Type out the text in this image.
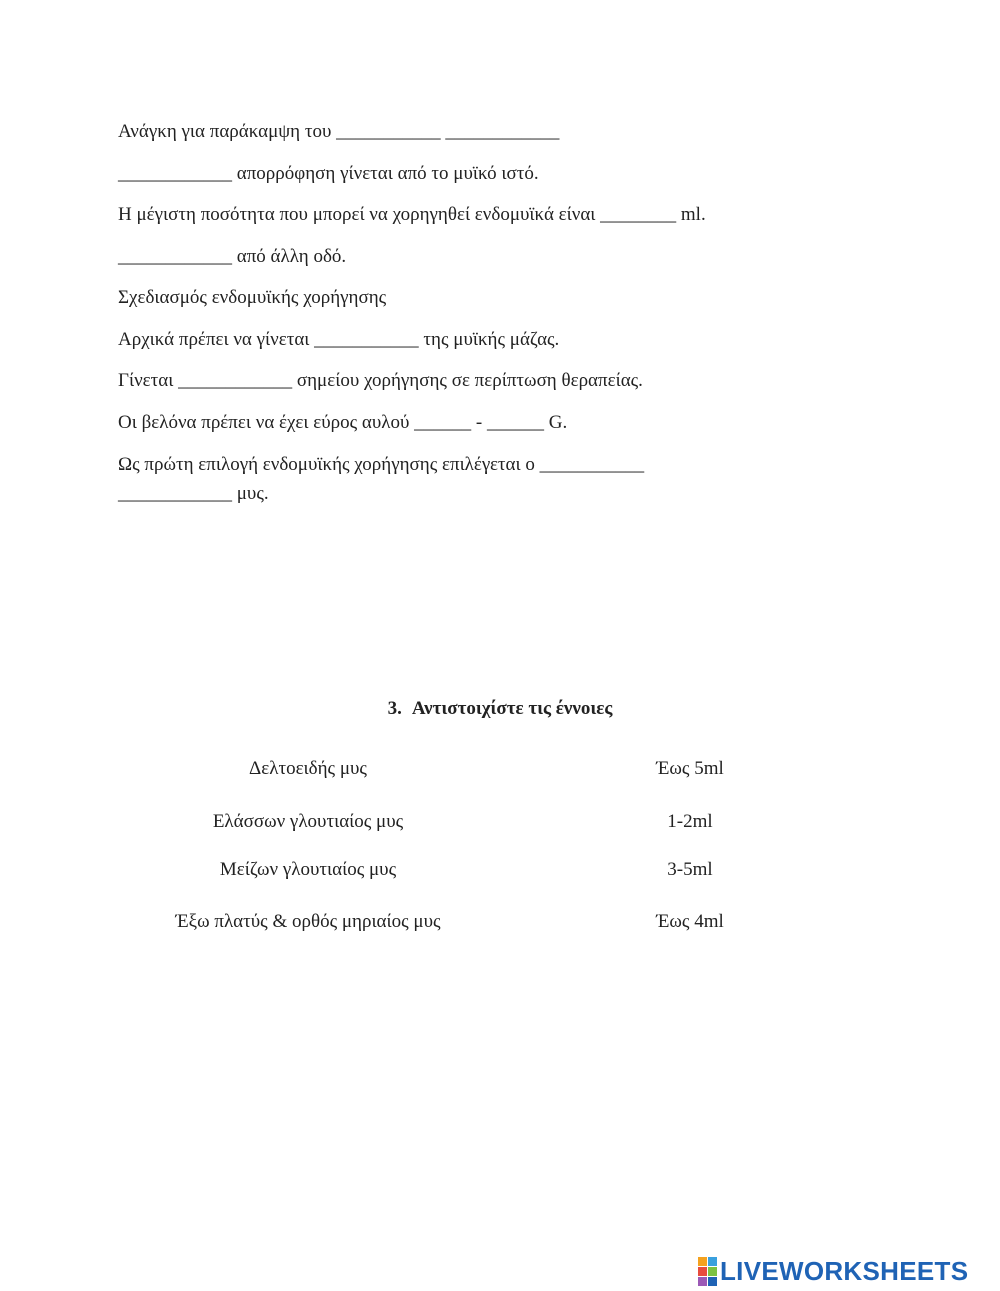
Ανάγκη για παράκαμψη του ___________ ____________
____________ απορρόφηση γίνεται από το μυϊκό ιστό.
Η μέγιστη ποσότητα που μπορεί να χορηγηθεί ενδομυϊκά είναι ________ ml.
____________ από άλλη οδό.
Σχεδιασμός ενδομυϊκής χορήγησης
Αρχικά πρέπει να γίνεται ___________ της μυϊκής μάζας.
Γίνεται ____________ σημείου χορήγησης σε περίπτωση θεραπείας.
Οι βελόνα πρέπει να έχει εύρος αυλού ______ - ______ G.
Ως πρώτη επιλογή ενδομυϊκής χορήγησης επιλέγεται ο ___________
____________ μυς.
3. Αντιστοιχίστε τις έννοιες
Δελτοειδής μυς
Ελάσσων γλουτιαίος μυς
Μείζων γλουτιαίος μυς
Έξω πλατύς & ορθός μηριαίος μυς
Έως 5ml
1-2ml
3-5ml
Έως 4ml
LIVEWORKSHEETS
